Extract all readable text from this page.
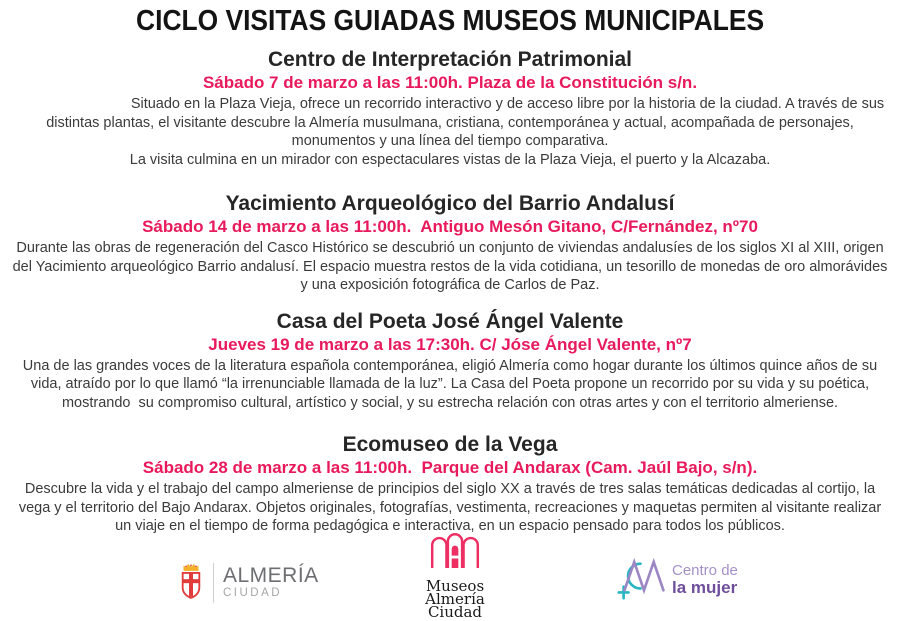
CICLO VISITAS GUIADAS MUSEOS MUNICIPALES
Centro de Interpretación Patrimonial
Sábado 7 de marzo a las 11:00h. Plaza de la Constitución s/n.

Situado en la Plaza Vieja, ofrece un recorrido interactivo y de acceso libre por la historia de la ciudad. A través de sus distintas plantas, el visitante descubre la Almería musulmana, cristiana, contemporánea y actual, acompañada de personajes, monumentos y una línea del tiempo comparativa.

La visita culmina en un mirador con espectaculares vistas de la Plaza Vieja, el puerto y la Alcazaba.

Yacimiento Arqueológico del Barrio Andalusí
Sábado 14 de marzo a las 11:00h.  Antiguo Mesón Gitano, C/Fernández, nº70

Durante las obras de regeneración del Casco Histórico se descubrió un conjunto de viviendas andalusíes de los siglos XI al XIII, origen del Yacimiento arqueológico Barrio andalusí. El espacio muestra restos de la vida cotidiana, un tesorillo de monedas de oro almorávides y una exposición fotográfica de Carlos de Paz.

Casa del Poeta José Ángel Valente
Jueves 19 de marzo a las 17:30h. C/ Jóse Ángel Valente, nº7

Una de las grandes voces de la literatura española contemporánea, eligió Almería como hogar durante los últimos quince años de su vida, atraído por lo que llamó “la irrenunciable llamada de la luz”. La Casa del Poeta propone un recorrido por su vida y su poética, mostrando  su compromiso cultural, artístico y social, y su estrecha relación con otras artes y con el territorio almeriense.

Ecomuseo de la Vega
Sábado 28 de marzo a las 11:00h.  Parque del Andarax (Cam. Jaúl Bajo, s/n).

Descubre la vida y el trabajo del campo almeriense de principios del siglo XX a través de tres salas temáticas dedicadas al cortijo, la vega y el territorio del Bajo Andarax. Objetos originales, fotografías, vestimenta, recreaciones y maquetas permiten al visitante realizar un viaje en el tiempo de forma pedagógica e interactiva, en un espacio pensado para todos los públicos.

ALMERÍA
CIUDAD	Museos
Almería
Ciudad
Centro de
la mujer
